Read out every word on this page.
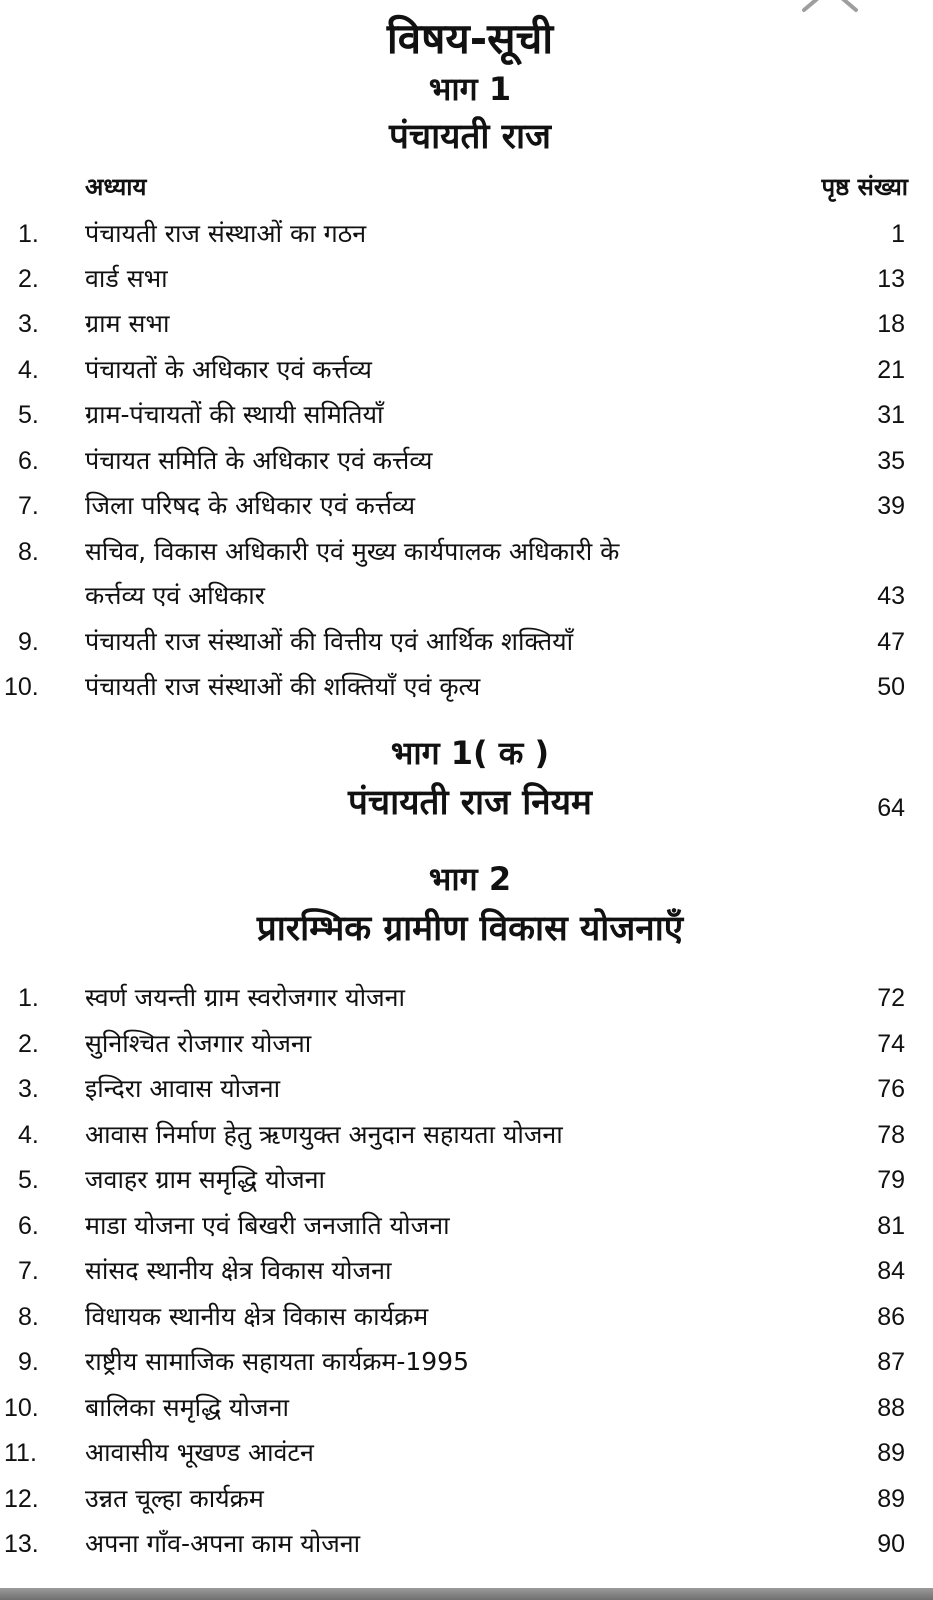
विषय-सूची
भाग 1
पंचायती राज
अध्याय	पृष्ठ संख्या
1.	पंचायती राज संस्थाओं का गठन	1
2.	वार्ड सभा	13
3.	ग्राम सभा	18
4.	पंचायतों के अधिकार एवं कर्त्तव्य	21
5.	ग्राम-पंचायतों की स्थायी समितियाँ	31
6.	पंचायत समिति के अधिकार एवं कर्त्तव्य	35
7.	जिला परिषद के अधिकार एवं कर्त्तव्य	39
8.	सचिव, विकास अधिकारी एवं मुख्य कार्यपालक अधिकारी के
कर्त्तव्य एवं अधिकार	43
9.	पंचायती राज संस्थाओं की वित्तीय एवं आर्थिक शक्तियाँ	47
10.	पंचायती राज संस्थाओं की शक्तियाँ एवं कृत्य	50
भाग 1( क )
पंचायती राज नियम	64
भाग 2
प्रारम्भिक ग्रामीण विकास योजनाएँ
1.	स्वर्ण जयन्ती ग्राम स्वरोजगार योजना	72
2.	सुनिश्चित रोजगार योजना	74
3.	इन्दिरा आवास योजना	76
4.	आवास निर्माण हेतु ऋणयुक्त अनुदान सहायता योजना	78
5.	जवाहर ग्राम समृद्धि योजना	79
6.	माडा योजना एवं बिखरी जनजाति योजना	81
7.	सांसद स्थानीय क्षेत्र विकास योजना	84
8.	विधायक स्थानीय क्षेत्र विकास कार्यक्रम	86
9.	राष्ट्रीय सामाजिक सहायता कार्यक्रम-1995	87
10.	बालिका समृद्धि योजना	88
11.	आवासीय भूखण्ड आवंटन	89
12.	उन्नत चूल्हा कार्यक्रम	89
13.	अपना गाँव-अपना काम योजना	90
